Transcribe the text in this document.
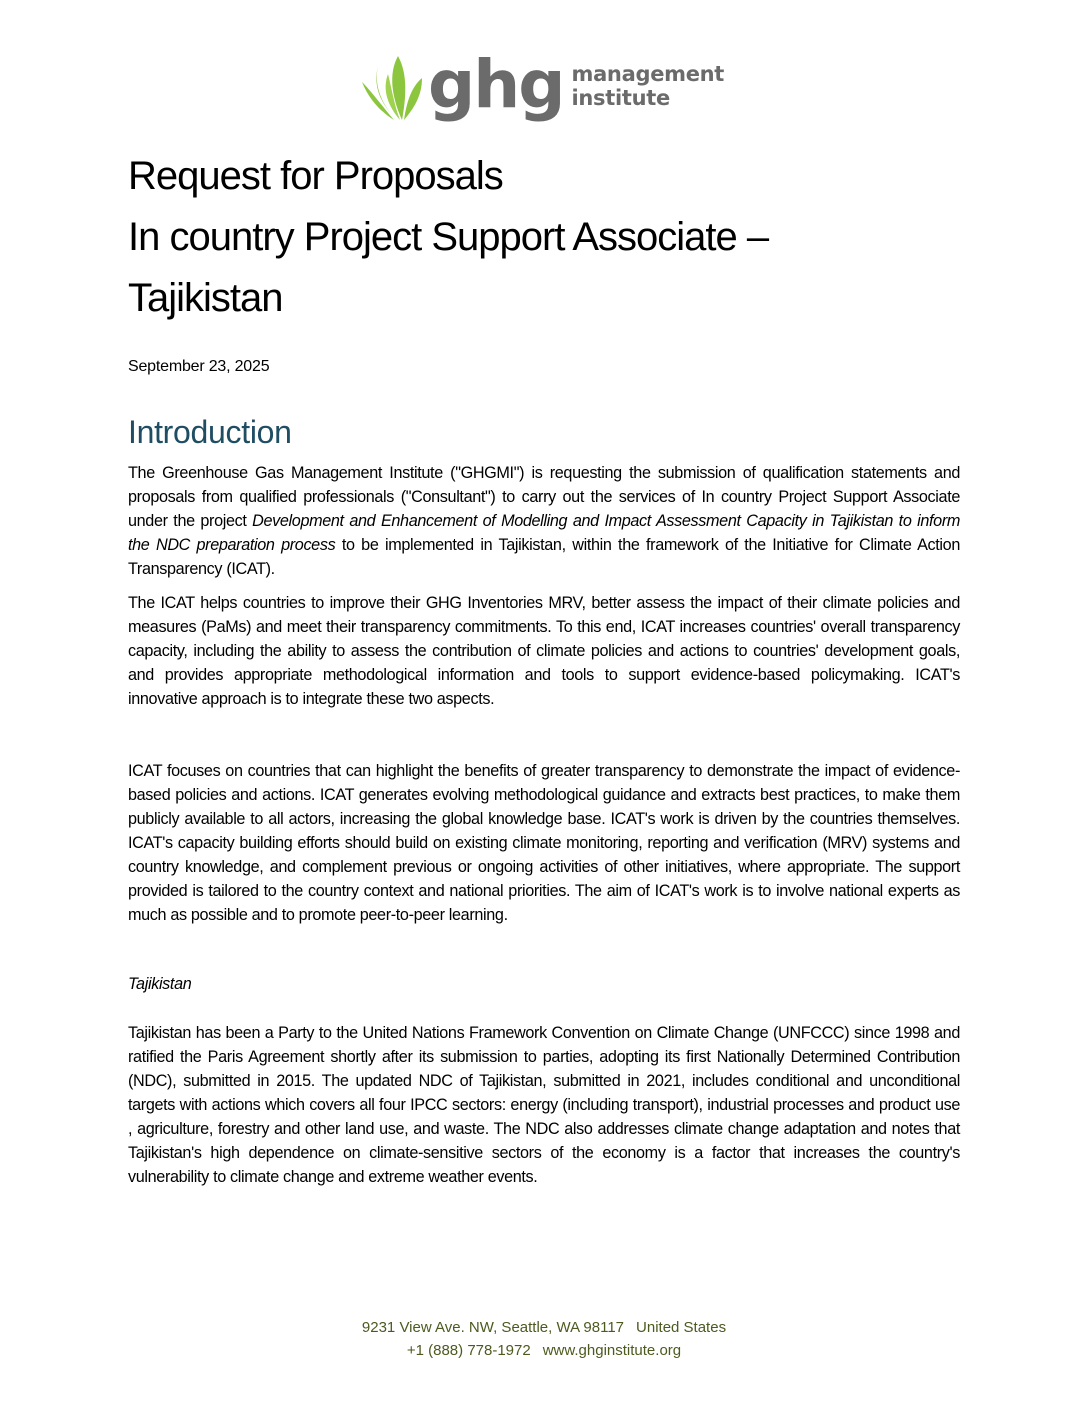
ghg management
institute
Request for Proposals
In country Project Support Associate –
Tajikistan
September 23, 2025
Introduction

The Greenhouse Gas Management Institute ("GHGMI") is requesting the submission of qualification statements and proposals from qualified professionals ("Consultant") to carry out the services of In country Project Support Associate under the project Development and Enhancement of Modelling and Impact Assessment Capacity in Tajikistan to inform the NDC preparation process to be implemented in Tajikistan, within the framework of the Initiative for Climate Action Transparency (ICAT).

The ICAT helps countries to improve their GHG Inventories MRV, better assess the impact of their climate policies and measures (PaMs) and meet their transparency commitments. To this end, ICAT increases countries' overall transparency capacity, including the ability to assess the contribution of climate policies and actions to countries' development goals, and provides appropriate methodological information and tools to support evidence-based policymaking. ICAT's innovative approach is to integrate these two aspects.

ICAT focuses on countries that can highlight the benefits of greater transparency to demonstrate the impact of evidence-based policies and actions. ICAT generates evolving methodological guidance and extracts best practices, to make them publicly available to all actors, increasing the global knowledge base. ICAT's work is driven by the countries themselves. ICAT's capacity building efforts should build on existing climate monitoring, reporting and verification (MRV) systems and country knowledge, and complement previous or ongoing activities of other initiatives, where appropriate. The support provided is tailored to the country context and national priorities. The aim of ICAT's work is to involve national experts as much as possible and to promote peer-to-peer learning.

Tajikistan

Tajikistan has been a Party to the United Nations Framework Convention on Climate Change (UNFCCC) since 1998 and ratified the Paris Agreement shortly after its submission to parties, adopting its first Nationally Determined Contribution (NDC), submitted in 2015. The updated NDC of Tajikistan, submitted in 2021, includes conditional and unconditional targets with actions which covers all four IPCC sectors: energy (including transport), industrial processes and product use , agriculture, forestry and other land use, and waste. The NDC also addresses climate change adaptation and notes that Tajikistan's high dependence on climate-sensitive sectors of the economy is a factor that increases the country's vulnerability to climate change and extreme weather events.

9231 View Ave. NW, Seattle, WA 98117 United States
+1 (888) 778-1972 www.ghginstitute.org
